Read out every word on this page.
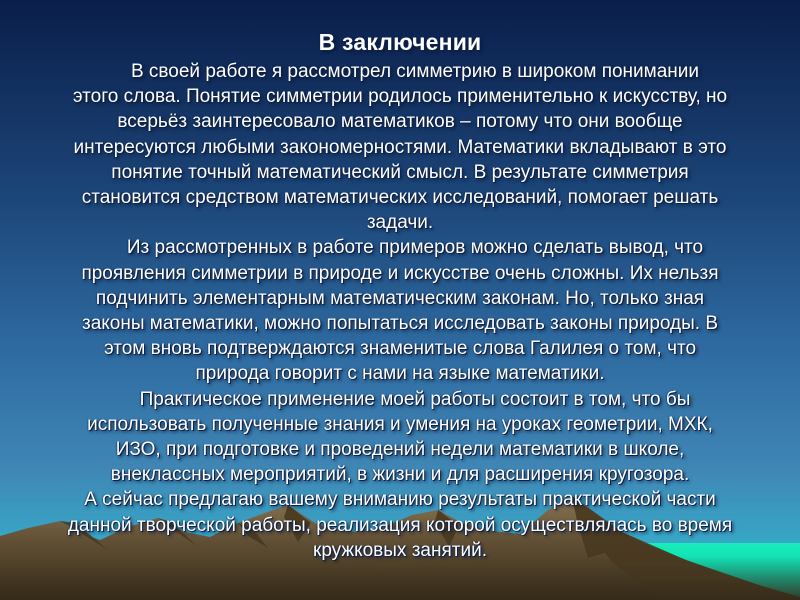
В заключении
В своей работе я рассмотрел симметрию в широком понимании
этого слова. Понятие симметрии родилось применительно к искусству, но
всерьёз заинтересовало математиков – потому что они вообще
интересуются любыми закономерностями. Математики вкладывают в это
понятие точный математический смысл. В результате симметрия
становится средством математических исследований, помогает решать
задачи.
Из рассмотренных в работе примеров можно сделать вывод, что
проявления симметрии в природе и искусстве очень сложны. Их нельзя
подчинить элементарным математическим законам. Но, только зная
законы математики, можно попытаться исследовать законы природы. В
этом вновь подтверждаются знаменитые слова Галилея о том, что
природа говорит с нами на языке математики.
Практическое применение моей работы состоит в том, что бы
использовать полученные знания и умения на уроках геометрии, МХК,
ИЗО, при подготовке и проведений недели математики в школе,
внеклассных мероприятий, в жизни и для расширения кругозора.
А сейчас предлагаю вашему вниманию результаты практической части
данной творческой работы, реализация которой осуществлялась во время
кружковых занятий.
